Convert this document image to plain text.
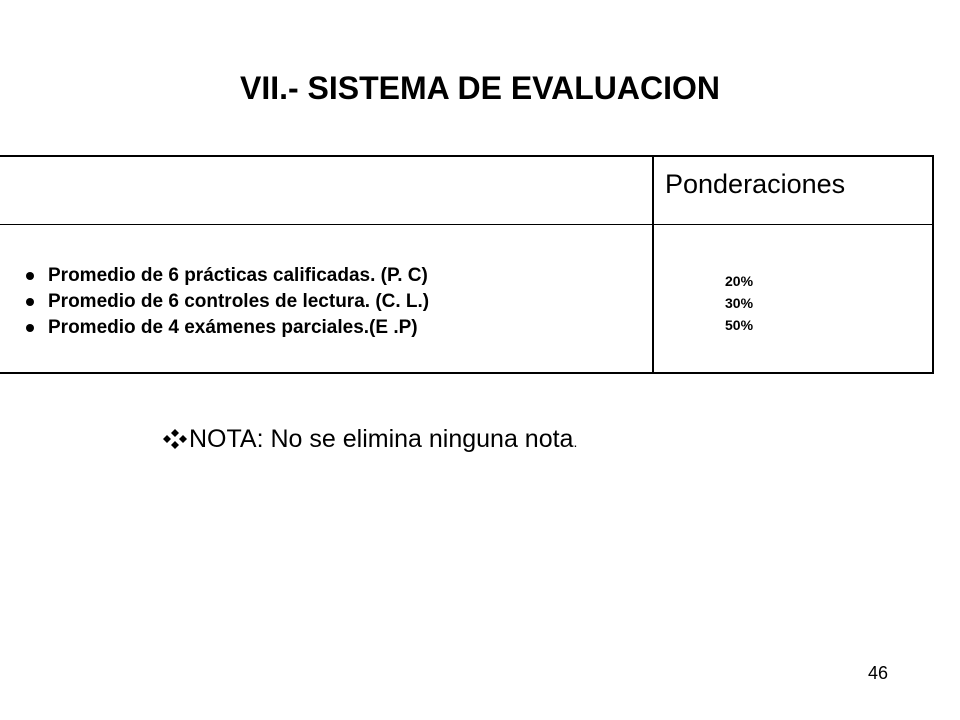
VII.- SISTEMA DE EVALUACION
Ponderaciones
Promedio de 6 prácticas calificadas. (P. C)
Promedio de 6 controles de lectura. (C. L.)
Promedio de 4 exámenes parciales.(E .P)
20%
30%
50%
NOTA: No se elimina ninguna nota.
46
